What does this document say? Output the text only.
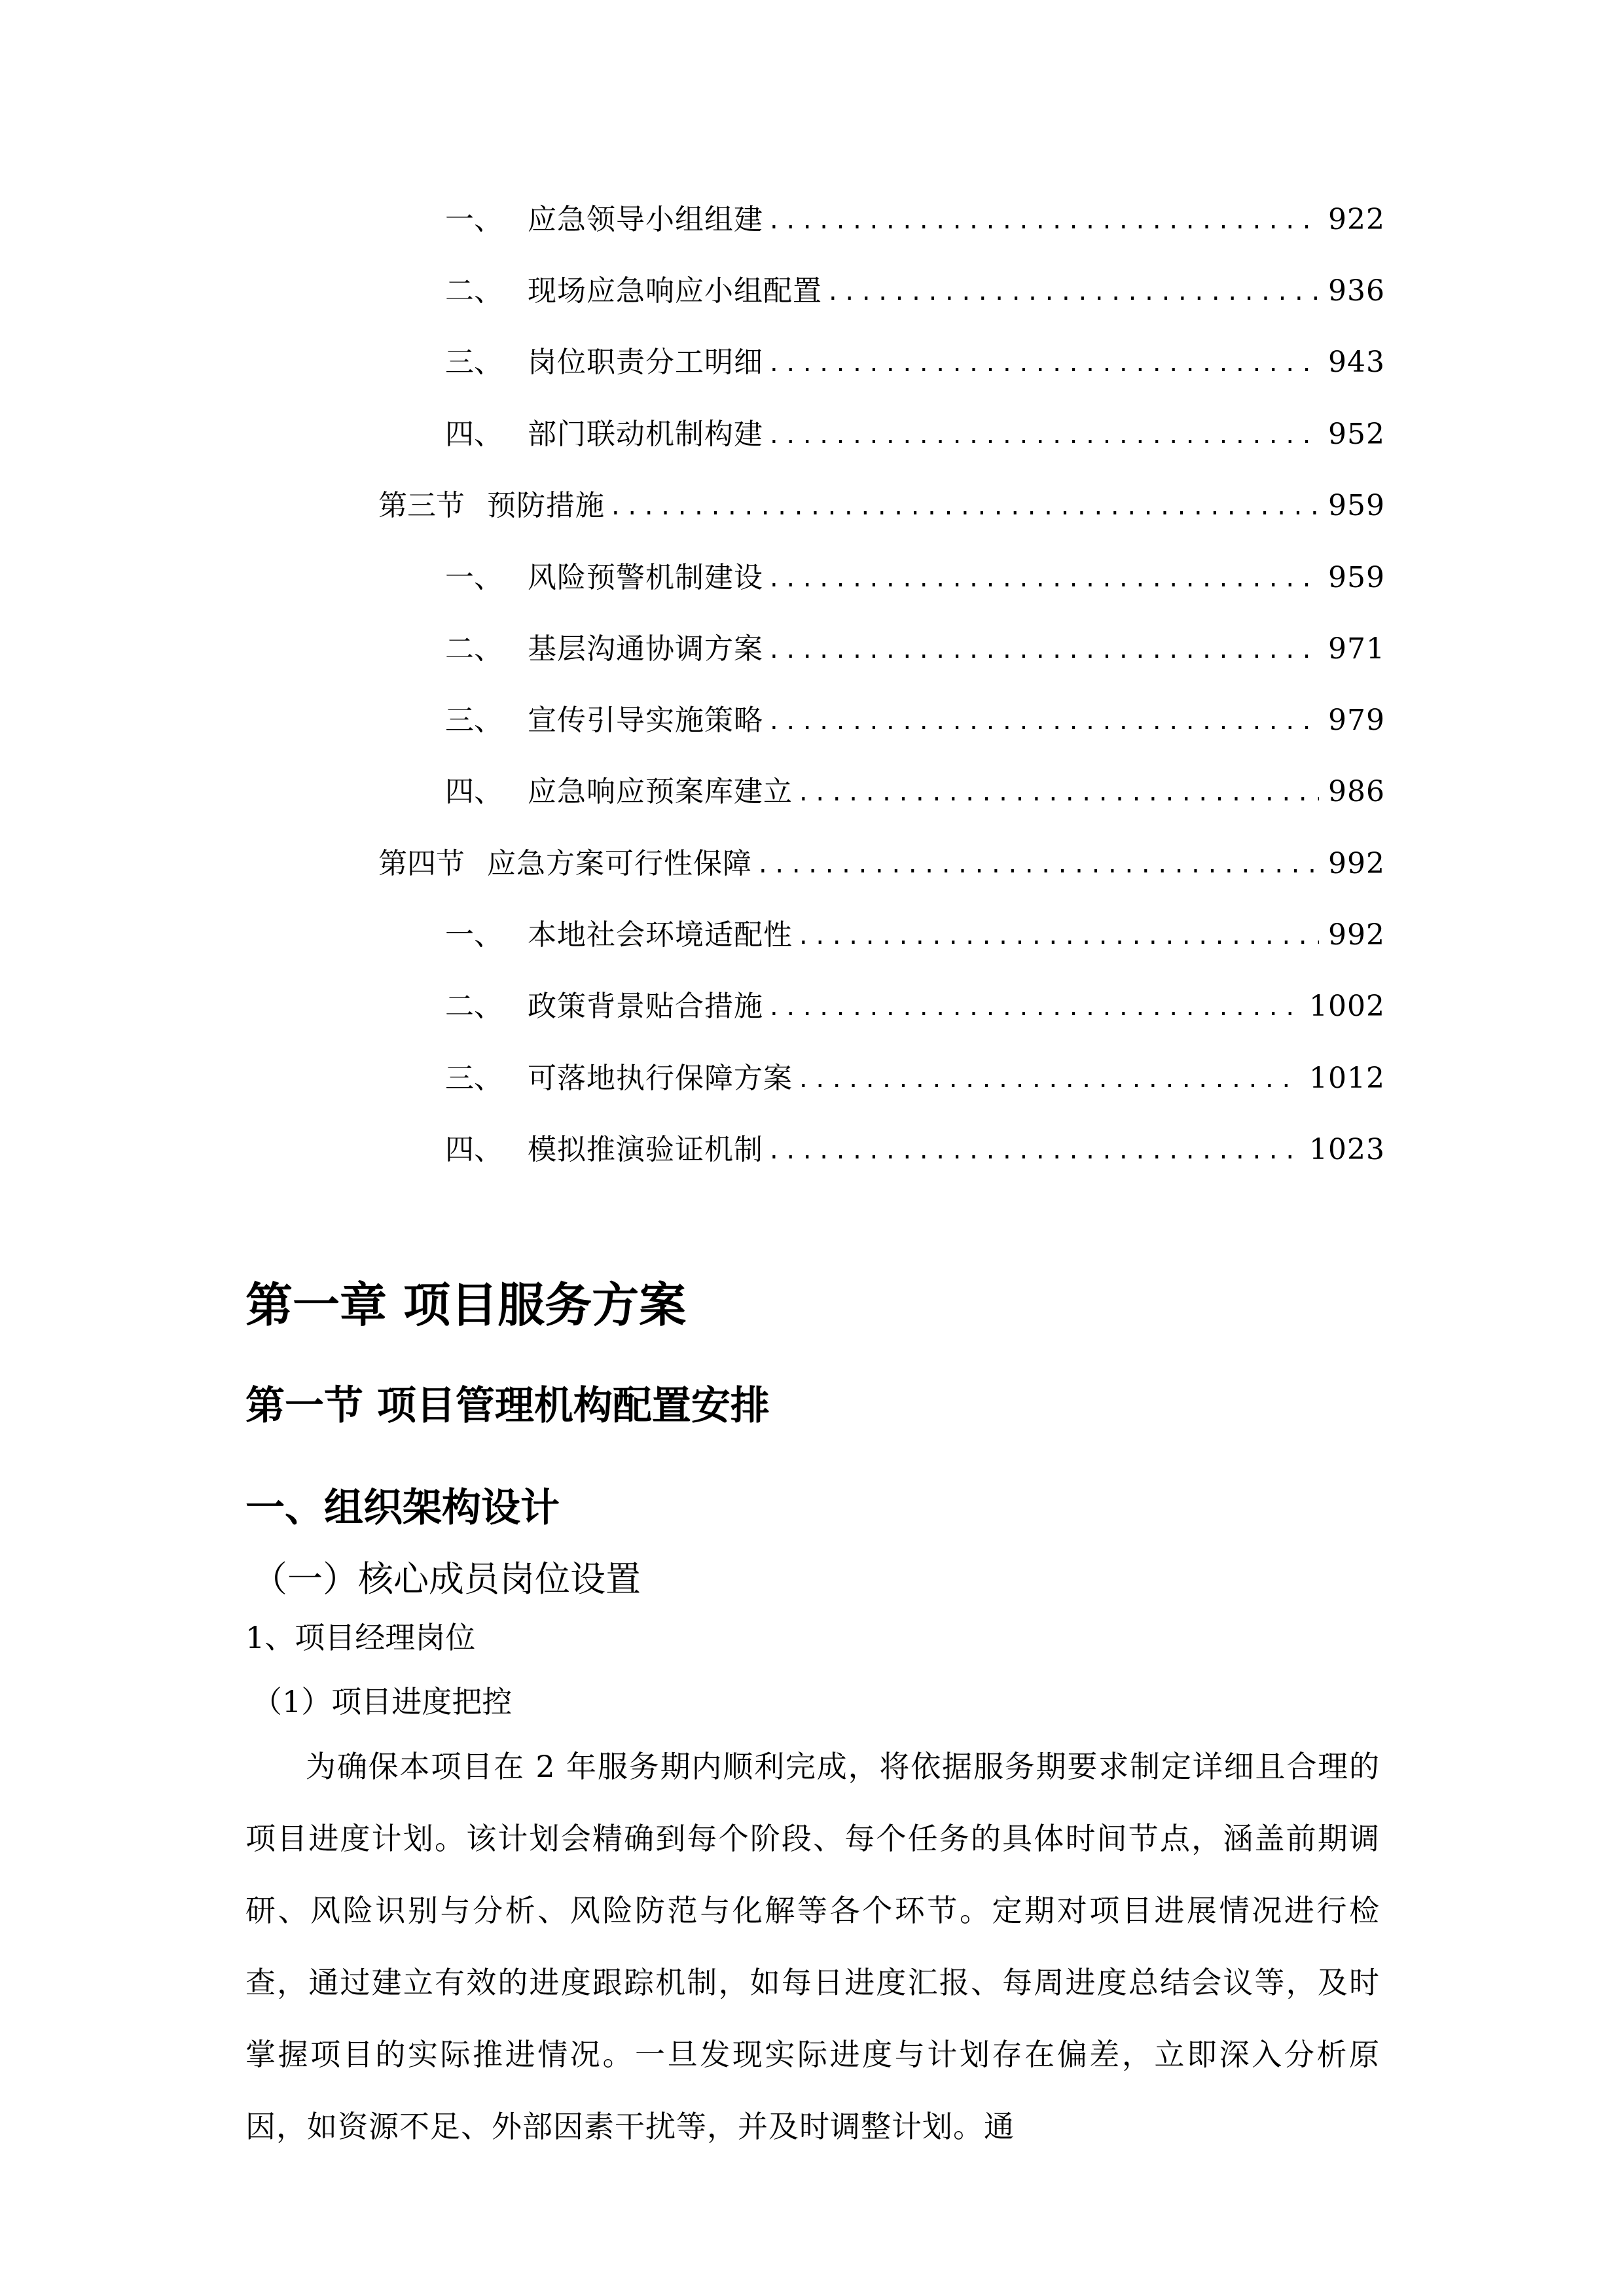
一、 应急领导小组组建 . . .	922
二、 现场应急响应小组配置 . . .	936
三、 岗位职责分工明细 . . .	943
四、 部门联动机制构建 . . .	952
第三节 预防措施 . . .	959
一、 风险预警机制建设 . . .	959
二、 基层沟通协调方案 . . .	971
三、 宣传引导实施策略 . . .	979
四、 应急响应预案库建立 . . .	986
第四节 应急方案可行性保障 . . .	992
一、 本地社会环境适配性 . . .	992
二、 政策背景贴合措施 . . .	1002
三、 可落地执行保障方案 . . .	1012
四、 模拟推演验证机制 . . .	1023
第一章 项目服务方案
第一节 项目管理机构配置安排
一、组织架构设计
（一）核心成员岗位设置
1、项目经理岗位
（1）项目进度把控

为确保本项目在 2 年服务期内顺利完成，将依据服务期要求制定详细且合理的项目进度计划。该计划会精确到每个阶段、每个任务的具体时间节点，涵盖前期调研、风险识别与分析、风险防范与化解等各个环节。定期对项目进展情况进行检查，通过建立有效的进度跟踪机制，如每日进度汇报、每周进度总结会议等，及时掌握项目的实际推进情况。一旦发现实际进度与计划存在偏差，立即深入分析原因，如资源不足、外部因素干扰等，并及时调整计划。通
